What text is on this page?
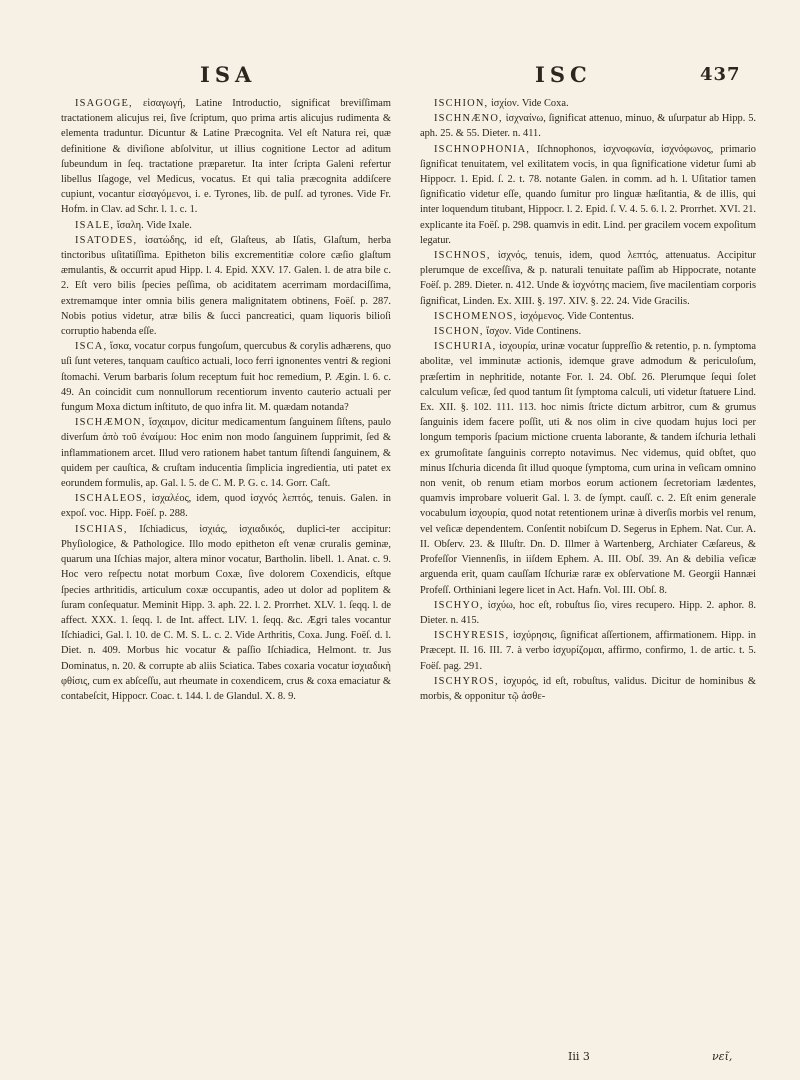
ISA	ISC	437

ISAGOGE, εἰσαγωγή, Latine Introductio, significat breviſſimam tractationem alicujus rei, ſive ſcriptum, quo prima artis alicujus rudimenta & elementa traduntur. Dicuntur & Latine Præcognita. Vel eſt Natura rei, quæ definitione & diviſione abſolvitur, ut illius cognitione Lector ad aditum ſubeundum in ſeq. tractatione præparetur. Ita inter ſcripta Galeni refertur libellus Iſagoge, vel Medicus, vocatus. Et qui talia præcognita addiſcere cupiunt, vocantur εἰσαγόμενοι, i. e. Tyrones, lib. de pulſ. ad tyrones. Vide Fr. Hofm. in Clav. ad Schr. l. 1. c. 1.

ISALE, ἴσαλη. Vide Ixale.

ISATODES, ἰσατώδης, id eſt, Glaſteus, ab Iſatis, Glaſtum, herba tinctoribus uſitatiſſima. Epitheton bilis excrementitiæ colore cæſio glaſtum æmulantis, & occurrit apud Hipp. l. 4. Epid. XXV. 17. Galen. l. de atra bile c. 2. Eſt vero bilis ſpecies peſſima, ob aciditatem acerrimam mordaciſſima, extremamque inter omnia bilis genera malignitatem obtinens, Foëſ. p. 287. Nobis potius videtur, atræ bilis & ſucci pancreatici, quam liquoris bilioſi corruptio habenda eſſe.

ISCA, ἴσκα, vocatur corpus fungoſum, quercubus & corylis adhærens, quo uſi ſunt veteres, tanquam cauſtico actuali, loco ferri ignonentes ventri & regioni ſtomachi. Verum barbaris ſolum receptum fuit hoc remedium, P. Ægin. l. 6. c. 49. An coincidit cum nonnullorum recentiorum invento cauterio actuali per fungum Moxa dictum inſtituto, de quo infra lit. M. quædam notanda?

ISCHÆMON, ἴσχαιμον, dicitur medicamentum ſanguinem ſiſtens, paulo diverſum ἀπὸ τοῦ ἐναίμου: Hoc enim non modo ſanguinem ſupprimit, ſed & inflammationem arcet. Illud vero rationem habet tantum ſiſtendi ſanguinem, & quidem per cauſtica, & cruſtam inducentia ſimplicia ingredientia, uti patet ex eorundem formulis, ap. Gal. l. 5. de C. M. P. G. c. 14. Gorr. Caſt.

ISCHALEOS, ἰσχαλέος, idem, quod ἰσχνός λεπτός, tenuis. Galen. in expoſ. voc. Hipp. Foëſ. p. 288.

ISCHIAS, Iſchiadicus, ἰσχιάς, ἰσχιαδικός, duplici-ter accipitur: Phyſiologice, & Pathologice. Illo modo epitheton eſt venæ cruralis geminæ, quarum una Iſchias major, altera minor vocatur, Bartholin. libell. 1. Anat. c. 9. Hoc vero reſpectu notat morbum Coxæ, ſive dolorem Coxendicis, eſtque ſpecies arthritidis, articulum coxæ occupantis, adeo ut dolor ad poplitem & ſuram conſequatur. Meminit Hipp. 3. aph. 22. l. 2. Prorrhet. XLV. 1. ſeqq. l. de affect. XXX. 1. ſeqq. l. de Int. affect. LIV. 1. ſeqq. &c. Ægri tales vocantur Iſchiadici, Gal. l. 10. de C. M. S. L. c. 2. Vide Arthritis, Coxa. Jung. Foëſ. d. l. Diet. n. 409. Morbus hic vocatur & paſſio Iſchiadica, Helmont. tr. Jus Dominatus, n. 20. & corrupte ab aliis Sciatica. Tabes coxaria vocatur ἰσχιαδικὴ φθίσις, cum ex abſceſſu, aut rheumate in coxendicem, crus & coxa emaciatur & contabeſcit, Hippocr. Coac. t. 144. l. de Glandul. X. 8. 9.

ISCHION, ἰσχίον. Vide Coxa.

ISCHNÆNO, ἰσχναίνω, ſignificat attenuo, minuo, & uſurpatur ab Hipp. 5. aph. 25. & 55. Dieter. n. 411.

ISCHNOPHONIA, Iſchnophonos, ἰσχνοφωνία, ἰσχνόφωνος, primario ſignificat tenuitatem, vel exilitatem vocis, in qua ſignificatione videtur ſumi ab Hippocr. 1. Epid. ſ. 2. t. 78. notante Galen. in comm. ad h. l. Uſitatior tamen ſignificatio videtur eſſe, quando ſumitur pro linguæ hæſitantia, & de illis, qui inter loquendum titubant, Hippocr. l. 2. Epid. ſ. V. 4. 5. 6. l. 2. Prorrhet. XVI. 21. explicante ita Foëſ. p. 298. quamvis in edit. Lind. per gracilem vocem expoſitum legatur.

ISCHNOS, ἰσχνός, tenuis, idem, quod λεπτός, attenuatus. Accipitur plerumque de exceſſiva, & p. naturali tenuitate paſſim ab Hippocrate, notante Foëſ. p. 289. Dieter. n. 412. Unde & ἰσχνότης maciem, ſive macilentiam corporis ſignificat, Linden. Ex. XIII. §. 197. XIV. §. 22. 24. Vide Gracilis.

ISCHOMENOS, ἰσχόμενος. Vide Contentus.

ISCHON, ἴσχον. Vide Continens.

ISCHURIA, ἰσχουρία, urinæ vocatur ſuppreſſio & retentio, p. n. ſymptoma abolitæ, vel imminutæ actionis, idemque grave admodum & periculoſum, præſertim in nephritide, notante For. l. 24. Obſ. 26. Plerumque ſequi ſolet calculum veſicæ, ſed quod tantum ſit ſymptoma calculi, uti videtur ſtatuere Lind. Ex. XII. §. 102. 111. 113. hoc nimis ſtricte dictum arbitror, cum & grumus ſanguinis idem facere poſſit, uti & nos olim in cive quodam hujus loci per longum temporis ſpacium mictione cruenta laborante, & tandem iſchuria lethali ex grumoſitate ſanguinis correpto notavimus. Nec videmus, quid obſtet, quo minus Iſchuria dicenda ſit illud quoque ſymptoma, cum urina in veſicam omnino non venit, ob renum etiam morbos eorum actionem ſecretoriam lædentes, quamvis improbare voluerit Gal. l. 3. de ſympt. cauſſ. c. 2. Eſt enim generale vocabulum ἰσχουρία, quod notat retentionem urinæ à diverſis morbis vel renum, vel veſicæ dependentem. Conſentit nobiſcum D. Segerus in Ephem. Nat. Cur. A. II. Obſerv. 23. & Illuſtr. Dn. D. Illmer à Wartenberg, Archiater Cæſareus, & Profeſſor Viennenſis, in iiſdem Ephem. A. III. Obſ. 39. An & debilia veſicæ arguenda erit, quam cauſſam Iſchuriæ raræ ex obſervatione M. Georgii Hannæi Profeſſ. Orthiniani legere licet in Act. Hafn. Vol. III. Obſ. 8.

ISCHYO, ἰσχύω, hoc eſt, robuſtus ſio, vires recupero. Hipp. 2. aphor. 8. Dieter. n. 415.

ISCHYRESIS, ἰσχύρησις, ſignificat aſſertionem, affirmationem. Hipp. in Præcept. II. 16. III. 7. à verbo ἰσχυρίζομαι, affirmo, confirmo, 1. de artic. t. 5. Foëſ. pag. 291.

ISCHYROS, ἰσχυρός, id eſt, robuſtus, validus. Dicitur de hominibus & morbis, & opponitur τῷ ἀσθε-

Iii 3	νεῖ,
